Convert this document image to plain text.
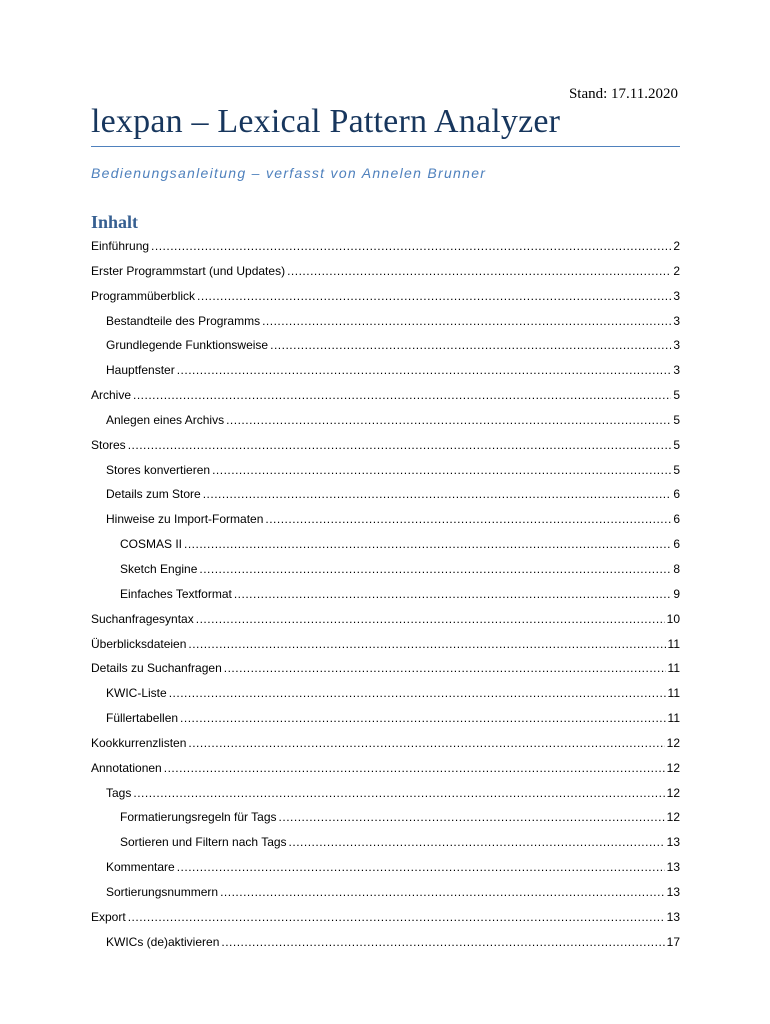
Stand: 17.11.2020
lexpan – Lexical Pattern Analyzer
Bedienungsanleitung – verfasst von Annelen Brunner
Inhalt
Einführung .....	2
Erster Programmstart (und Updates) .....	2
Programmüberblick .....	3
Bestandteile des Programms .....	3
Grundlegende Funktionsweise .....	3
Hauptfenster .....	3
Archive .....	5
Anlegen eines Archivs .....	5
Stores .....	5
Stores konvertieren .....	5
Details zum Store .....	6
Hinweise zu Import-Formaten .....	6
COSMAS II .....	6
Sketch Engine .....	8
Einfaches Textformat .....	9
Suchanfragesyntax .....	10
Überblicksdateien .....	11
Details zu Suchanfragen .....	11
KWIC-Liste .....	11
Füllertabellen .....	11
Kookkurrenzlisten .....	12
Annotationen .....	12
Tags .....	12
Formatierungsregeln für Tags .....	12
Sortieren und Filtern nach Tags .....	13
Kommentare .....	13
Sortierungsnummern .....	13
Export .....	13
KWICs (de)aktivieren .....	17
